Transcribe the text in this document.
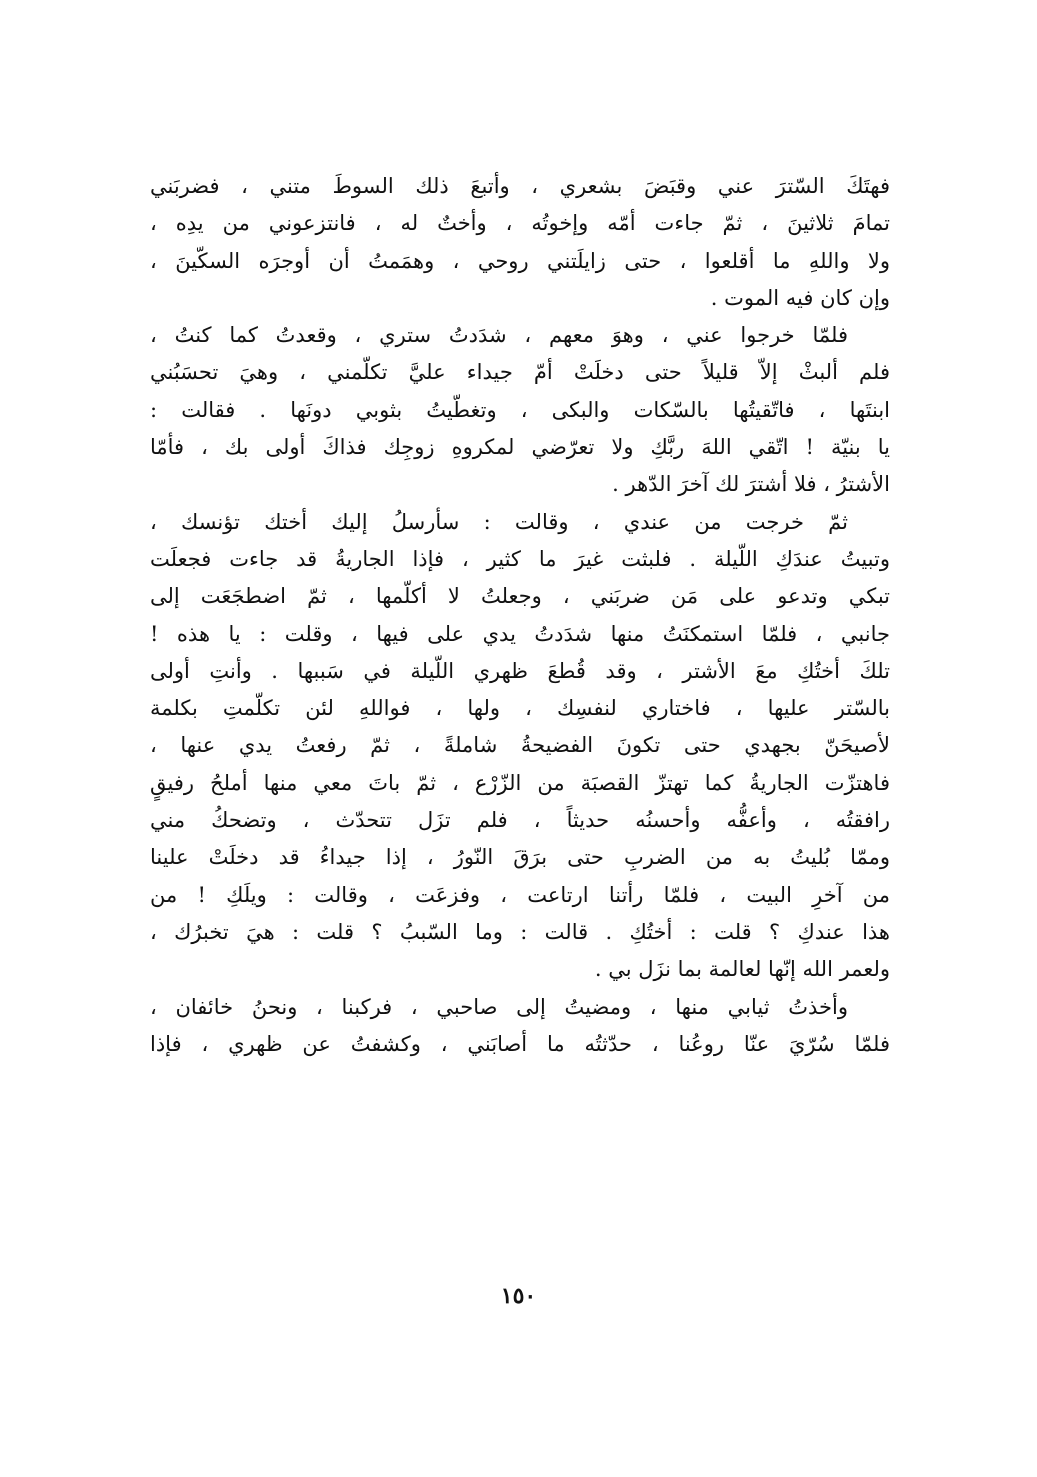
فهتَكَ السّترَ عني وقبَضَ بشعري ، وأتبعَ ذلك السوطَ متني ، فضربَني
تمامَ ثلاثينَ ، ثمّ جاءت أمّه وإخوتُه ، وأختٌ له ، فانتزعوني من يدِه ،
ولا واللهِ ما أقلعوا ، حتى زايلَتني روحي ، وهمَمتُ أن أوجرَه السكّينَ ،
وإن كان فيه الموت .
فلمّا خرجوا عني ، وهوَ معهم ، شدَدتُ ستري ، وقعدتُ كما كنتُ ،
فلم ألبثْ إلاّ قليلاً حتى دخلَتْ أمّ جيداء عليَّ تكلّمني ، وهيَ تحسَبُني
ابنتَها ، فاتّقيتُها بالسّكات والبكى ، وتغطّيتُ بثوبي دونَها . فقالت :
يا بنيّة ! اتّقي اللهَ ربَّكِ ولا تعرّضي لمكروهِ زوجِك فذاكَ أولى بك ، فأمّا
الأشترُ ، فلا أشترَ لك آخرَ الدّهر .
ثمّ خرجت من عندي ، وقالت : سأرسلُ إليك أختك تؤنسك ،
وتبيتُ عندَكِ اللّيلة . فلبثت غيرَ ما كثير ، فإذا الجاريةُ قد جاءت فجعلَت
تبكي وتدعو على مَن ضربَني ، وجعلتُ لا أكلّمها ، ثمّ اضطجَعَت إلى
جانبي ، فلمّا استمكنَتُ منها شدَدتُ يدي على فيها ، وقلت : يا هذه !
تلكَ أختُكِ معَ الأشتر ، وقد قُطعَ ظهري اللّيلة في سَببها . وأنتِ أولى
بالسّتر عليها ، فاختاري لنفسِك ، ولها ، فواللهِ لئن تكلّمتِ بكلمة
لأصيحَنّ بجهدي حتى تكونَ الفضيحةُ شاملةً ، ثمّ رفعتُ يدي عنها ،
فاهتزّت الجاريةُ كما تهتزّ القصبَة من الزّرْع ، ثمّ باتَ معي منها أملحُ رفيقٍ
رافقتُه ، وأعفُّه وأحسنُه حديثاً ، فلم تزَل تتحدّث ، وتضحكُ مني
وممّا بُليتُ به من الضربِ حتى برَقَ النّورُ ، إذا جيداءُ قد دخلَتْ علينا
من آخرِ البيت ، فلمّا رأتنا ارتاعت ، وفزعَت ، وقالت : ويلَكِ ! من
هذا عندكِ ؟ قلت : أختُكِ . قالت : وما السّببُ ؟ قلت : هيَ تخبرُك ،
ولعمر الله إنّها لعالمة بما نزَل بي .
وأخذتُ ثيابي منها ، ومضيتُ إلى صاحبي ، فركبنا ، ونحنُ خائفان ،
فلمّا سُرّيَ عنّا روعُنا ، حدّثتُه ما أصابَني ، وكشفتُ عن ظهري ، فإذا
١٥٠
